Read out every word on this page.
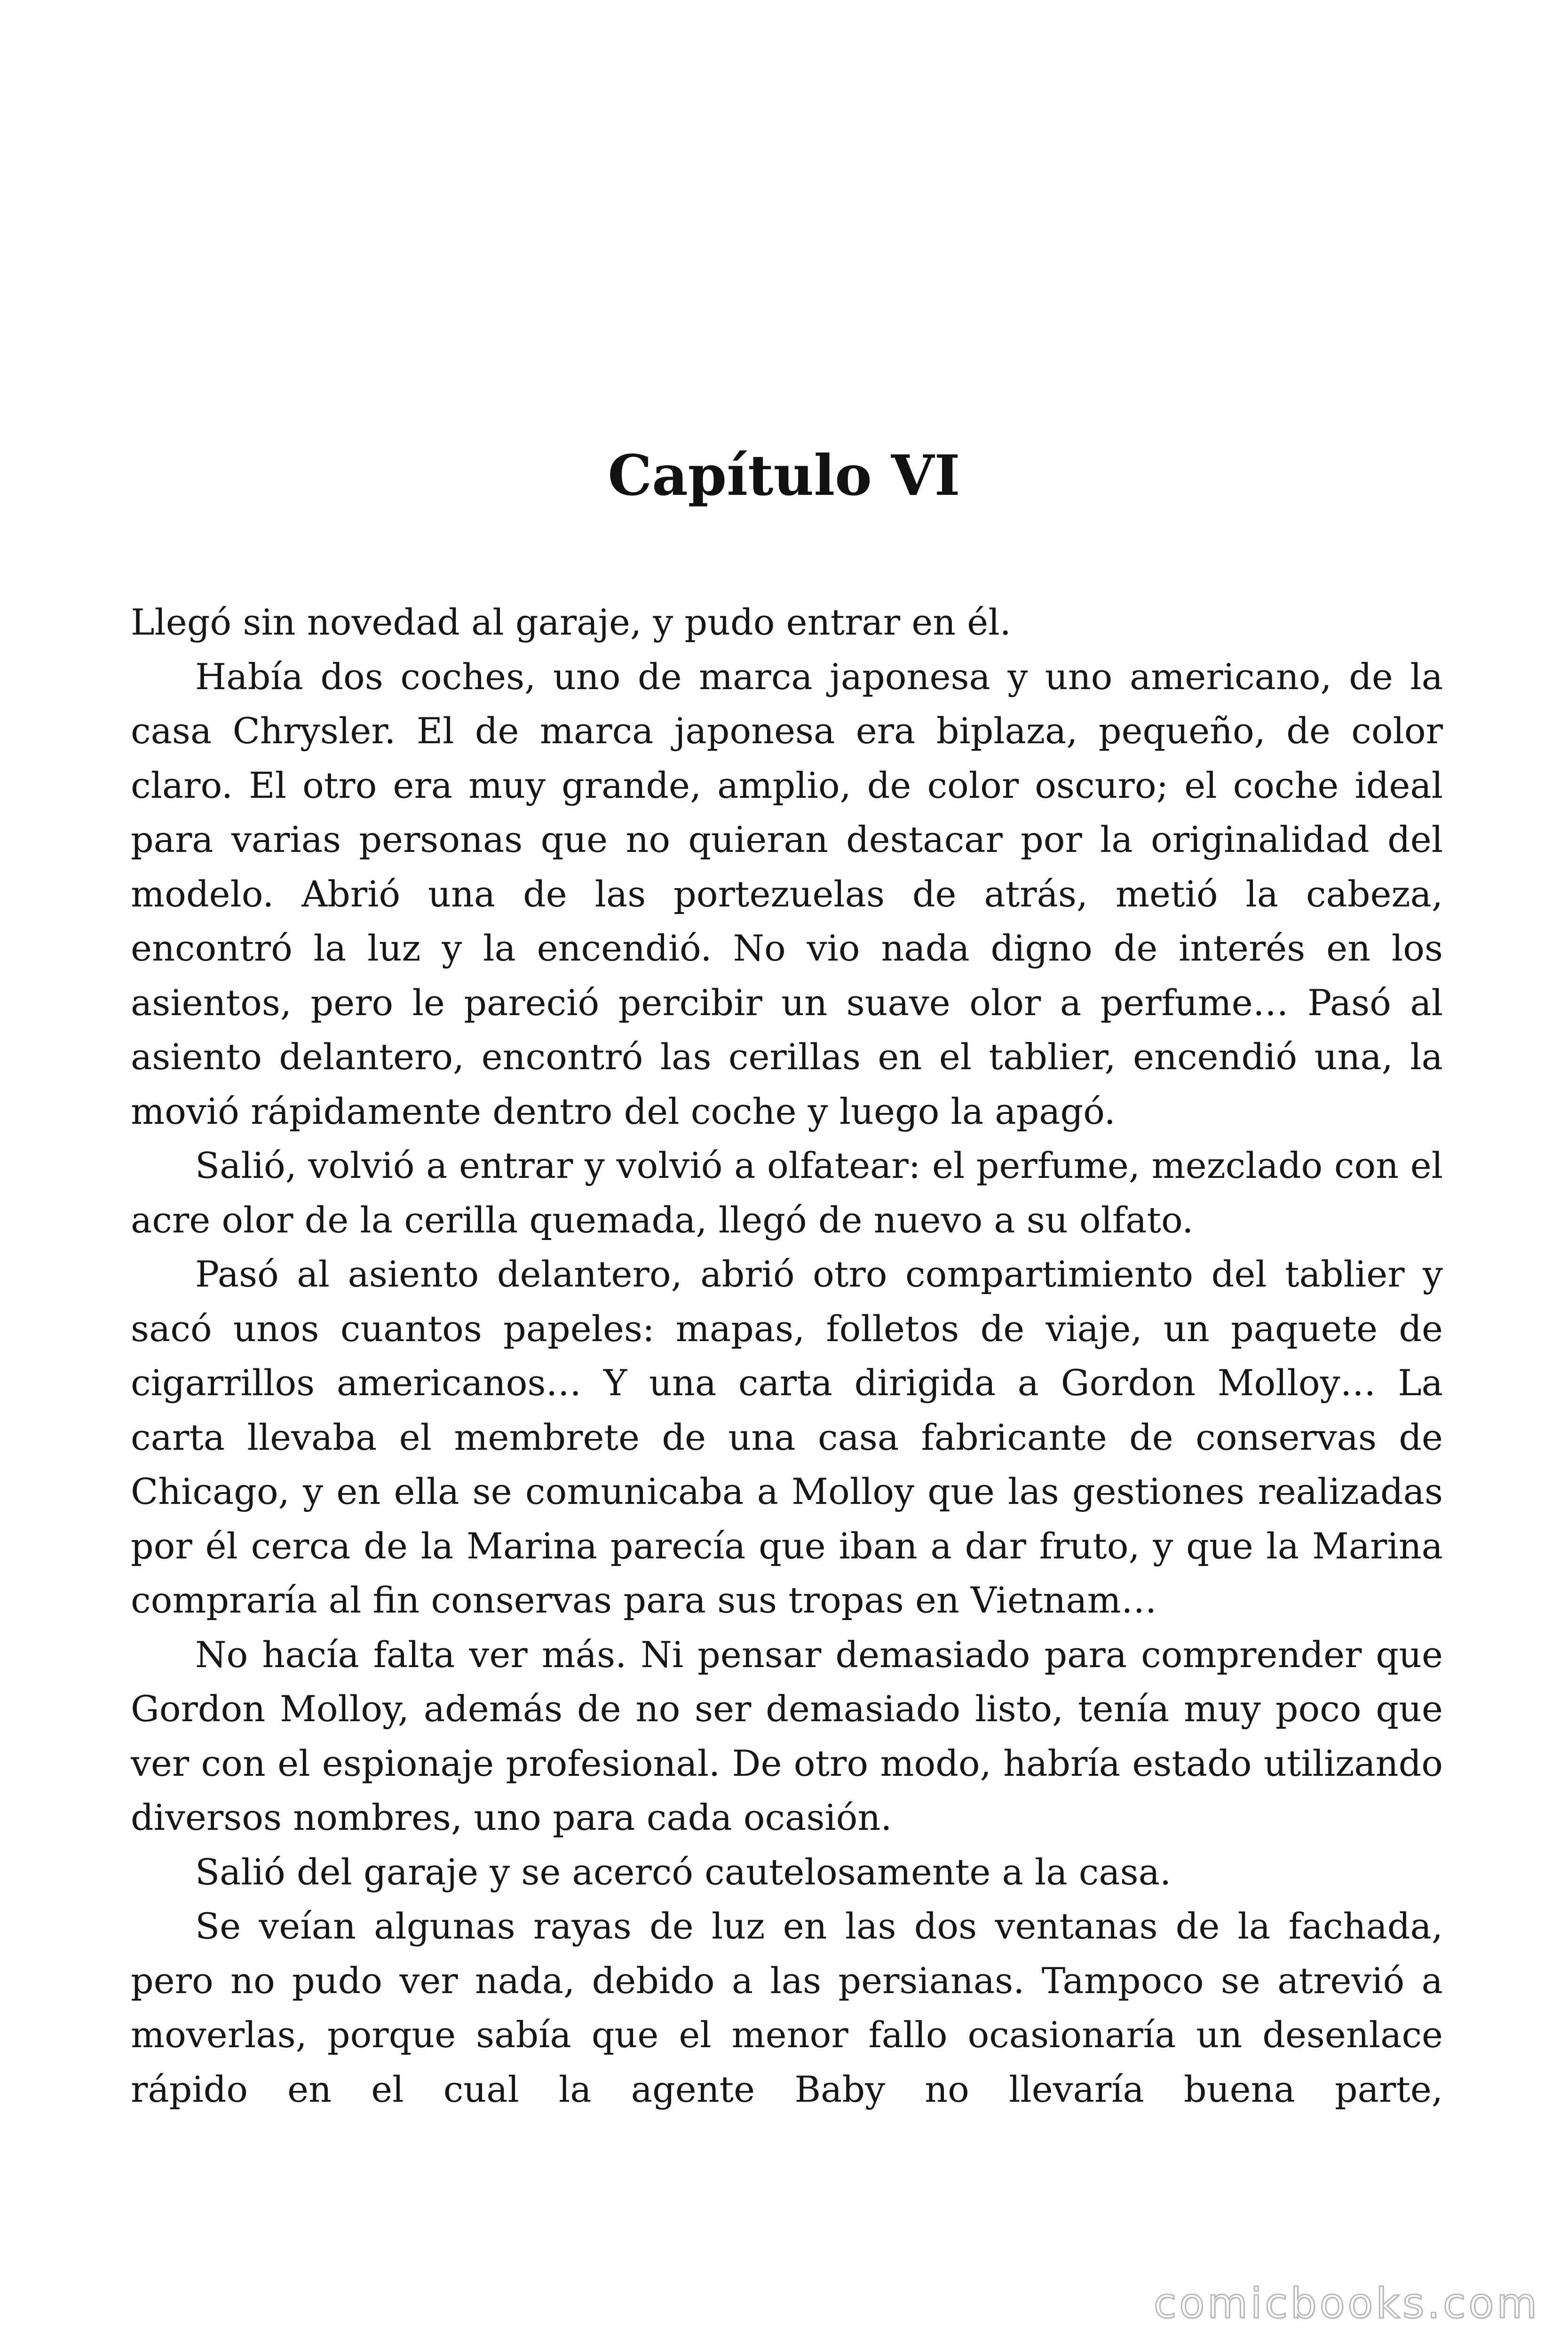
Capítulo VI

Llegó sin novedad al garaje, y pudo entrar en él.

Había dos coches, uno de marca japonesa y uno americano, de la casa Chrysler. El de marca japonesa era biplaza, pequeño, de color claro. El otro era muy grande, amplio, de color oscuro; el coche ideal para varias personas que no quieran destacar por la originalidad del modelo. Abrió una de las portezuelas de atrás, metió la cabeza, encontró la luz y la encendió. No vio nada digno de interés en los asientos, pero le pareció percibir un suave olor a perfume… Pasó al asiento delantero, encontró las cerillas en el tablier, encendió una, la movió rápidamente dentro del coche y luego la apagó.

Salió, volvió a entrar y volvió a olfatear: el perfume, mezclado con el acre olor de la cerilla quemada, llegó de nuevo a su olfato.

Pasó al asiento delantero, abrió otro compartimiento del tablier y sacó unos cuantos papeles: mapas, folletos de viaje, un paquete de cigarrillos americanos… Y una carta dirigida a Gordon Molloy… La carta llevaba el membrete de una casa fabricante de conservas de Chicago, y en ella se comunicaba a Molloy que las gestiones realizadas por él cerca de la Marina parecía que iban a dar fruto, y que la Marina compraría al fin conservas para sus tropas en Vietnam…

No hacía falta ver más. Ni pensar demasiado para comprender que Gordon Molloy, además de no ser demasiado listo, tenía muy poco que ver con el espionaje profesional. De otro modo, habría estado utilizando diversos nombres, uno para cada ocasión.

Salió del garaje y se acercó cautelosamente a la casa.

Se veían algunas rayas de luz en las dos ventanas de la fachada, pero no pudo ver nada, debido a las persianas. Tampoco se atrevió a moverlas, porque sabía que el menor fallo ocasionaría un desenlace rápido en el cual la agente Baby no llevaría buena parte,

comicbooks.com
